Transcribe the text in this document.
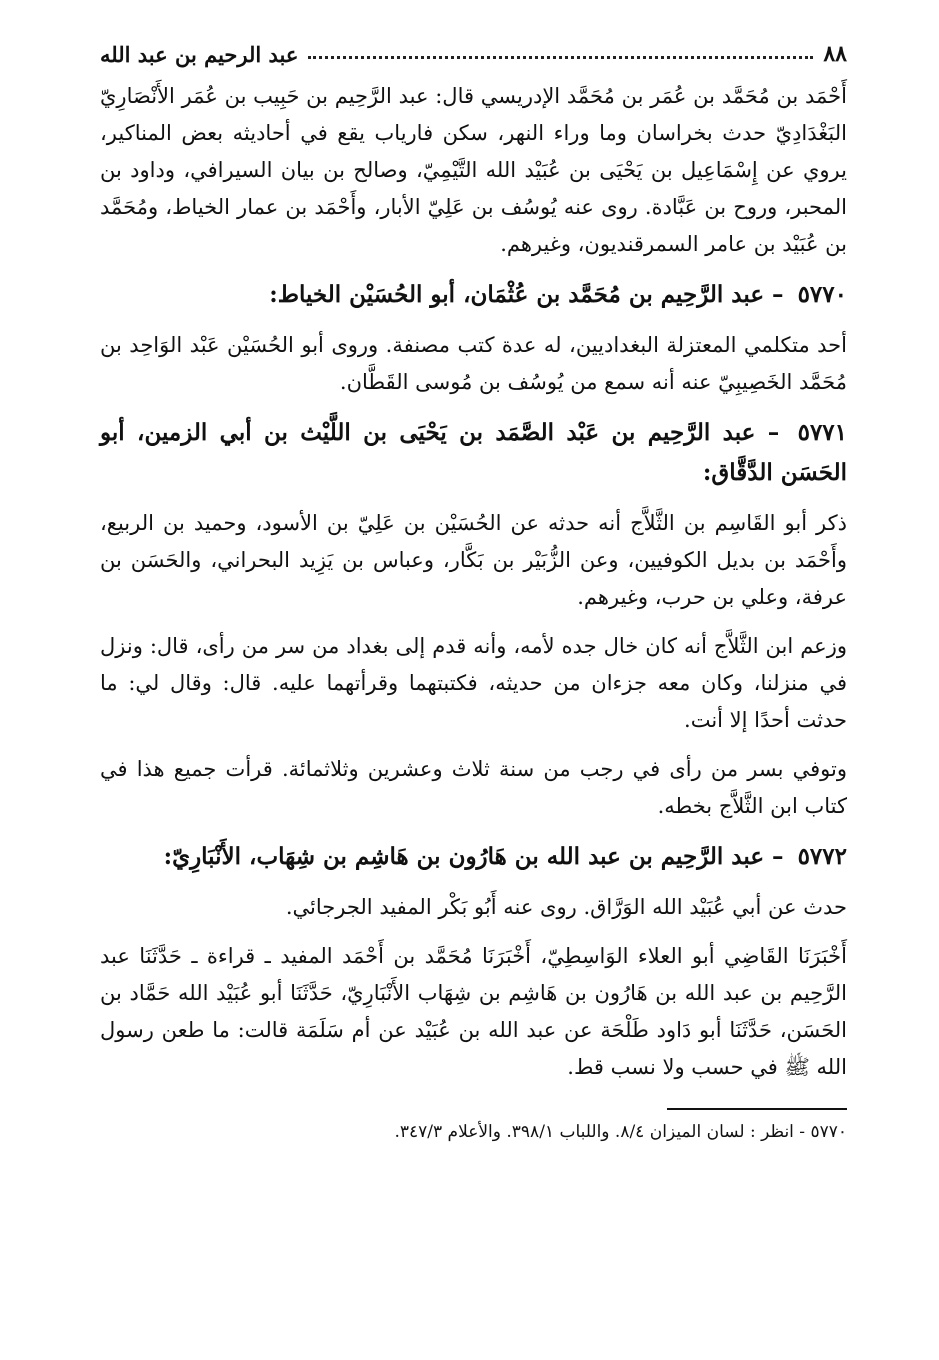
٨٨
عبد الرحيم بن عبد الله

أَحْمَد بن مُحَمَّد بن عُمَر بن مُحَمَّد الإدريسي قال: عبد الرَّحِيم بن حَبِيب بن عُمَر الأَنْصَارِيّ البَغْدَادِيّ حدث بخراسان وما وراء النهر، سكن فارياب يقع في أحاديثه بعض المناكير، يروي عن إِسْمَاعِيل بن يَحْيَى بن عُبَيْد الله التَّيْمِيّ، وصالح بن بيان السيرافي، وداود بن المحبر، وروح بن عَبَّادة. روى عنه يُوسُف بن عَلِيّ الأبار، وأَحْمَد بن عمار الخياط، ومُحَمَّد بن عُبَيْد بن عامر السمرقنديون، وغيرهم.

٥٧٧٠ – عبد الرَّحِيم بن مُحَمَّد بن عُثْمَان، أبو الحُسَيْن الخياط:

أحد متكلمي المعتزلة البغداديين، له عدة كتب مصنفة. وروى أبو الحُسَيْن عَبْد الوَاحِد بن مُحَمَّد الخَصِيبِيّ عنه أنه سمع من يُوسُف بن مُوسى القَطَّان.

٥٧٧١ – عبد الرَّحِيم بن عَبْد الصَّمَد بن يَحْيَى بن اللَّيْث بن أبي الزمين، أبو الحَسَن الدَّقَّاق:

ذكر أبو القَاسِم بن الثَّلاَّج أنه حدثه عن الحُسَيْن بن عَلِيّ بن الأسود، وحميد بن الربيع، وأَحْمَد بن بديل الكوفيين، وعن الزُّبَيْر بن بَكَّار، وعباس بن يَزِيد البحراني، والحَسَن بن عرفة، وعلي بن حرب، وغيرهم.

وزعم ابن الثَّلاَّج أنه كان خال جده لأمه، وأنه قدم إلى بغداد من سر من رأى، قال: ونزل في منزلنا، وكان معه جزءان من حديثه، فكتبتهما وقرأتهما عليه. قال: وقال لي: ما حدثت أحدًا إلا أنت.

وتوفي بسر من رأى في رجب من سنة ثلاث وعشرين وثلاثمائة. قرأت جميع هذا في كتاب ابن الثَّلاَّج بخطه.

٥٧٧٢ – عبد الرَّحِيم بن عبد الله بن هَارُون بن هَاشِم بن شِهَاب، الأَنْبَارِيّ:

حدث عن أبي عُبَيْد الله الوَرَّاق. روى عنه أَبُو بَكْر المفيد الجرجائي.

أَخْبَرَنَا القَاضِي أبو العلاء الوَاسِطِيّ، أَخْبَرَنَا مُحَمَّد بن أَحْمَد المفيد ـ قراءة ـ حَدَّثَنَا عبد الرَّحِيم بن عبد الله بن هَارُون بن هَاشِم بن شِهَاب الأَنْبَارِيّ، حَدَّثَنَا أبو عُبَيْد الله حَمَّاد بن الحَسَن، حَدَّثَنَا أبو دَاود طَلْحَة عن عبد الله بن عُبَيْد عن أم سَلَمَة قالت: ما طعن رسول الله ﷺ في حسب ولا نسب قط.

٥٧٧٠ - انظر : لسان الميزان ٨/٤. واللباب ٣٩٨/١. والأعلام ٣٤٧/٣.
